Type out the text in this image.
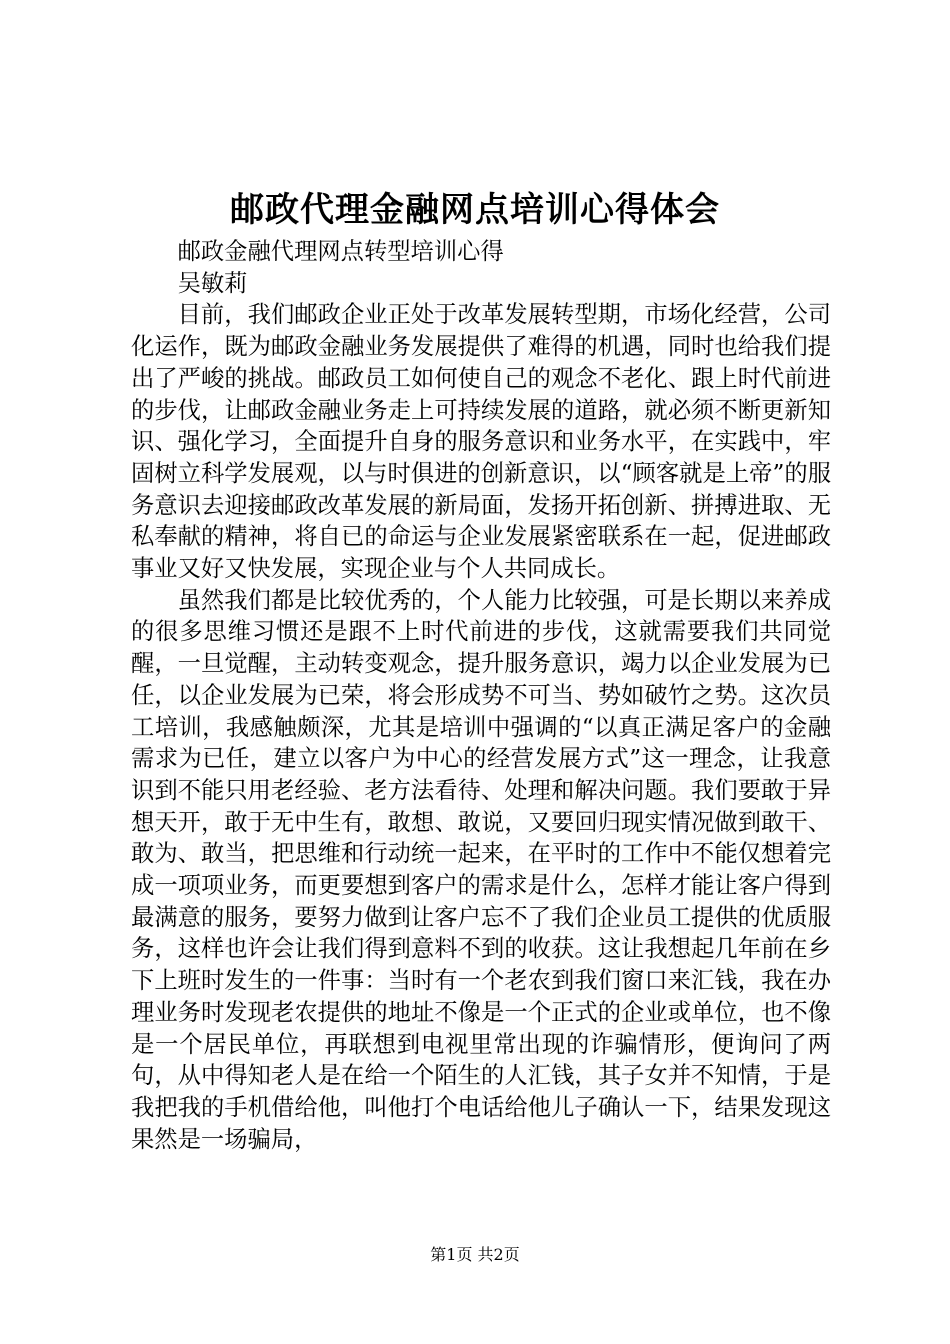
邮政代理金融网点培训心得体会

邮政金融代理网点转型培训心得

吴敏莉

目前，我们邮政企业正处于改革发展转型期，市场化经营，公司化运作，既为邮政金融业务发展提供了难得的机遇，同时也给我们提出了严峻的挑战。邮政员工如何使自己的观念不老化、跟上时代前进的步伐，让邮政金融业务走上可持续发展的道路，就必须不断更新知识、强化学习，全面提升自身的服务意识和业务水平，在实践中，牢固树立科学发展观，以与时俱进的创新意识，以“顾客就是上帝”的服务意识去迎接邮政改革发展的新局面，发扬开拓创新、拼搏进取、无私奉献的精神，将自已的命运与企业发展紧密联系在一起，促进邮政事业又好又快发展，实现企业与个人共同成长。

虽然我们都是比较优秀的，个人能力比较强，可是长期以来养成的很多思维习惯还是跟不上时代前进的步伐，这就需要我们共同觉醒，一旦觉醒，主动转变观念，提升服务意识，竭力以企业发展为已任，以企业发展为已荣，将会形成势不可当、势如破竹之势。这次员工培训，我感触颇深，尤其是培训中强调的“以真正满足客户的金融需求为已任，建立以客户为中心的经营发展方式”这一理念，让我意识到不能只用老经验、老方法看待、处理和解决问题。我们要敢于异想天开，敢于无中生有，敢想、敢说，又要回归现实情况做到敢干、敢为、敢当，把思维和行动统一起来，在平时的工作中不能仅想着完成一项项业务，而更要想到客户的需求是什么，怎样才能让客户得到最满意的服务，要努力做到让客户忘不了我们企业员工提供的优质服务，这样也许会让我们得到意料不到的收获。这让我想起几年前在乡下上班时发生的一件事：当时有一个老农到我们窗口来汇钱，我在办理业务时发现老农提供的地址不像是一个正式的企业或单位，也不像是一个居民单位，再联想到电视里常出现的诈骗情形，便询问了两句，从中得知老人是在给一个陌生的人汇钱，其子女并不知情，于是我把我的手机借给他，叫他打个电话给他儿子确认一下，结果发现这果然是一场骗局，

第1页 共2页
